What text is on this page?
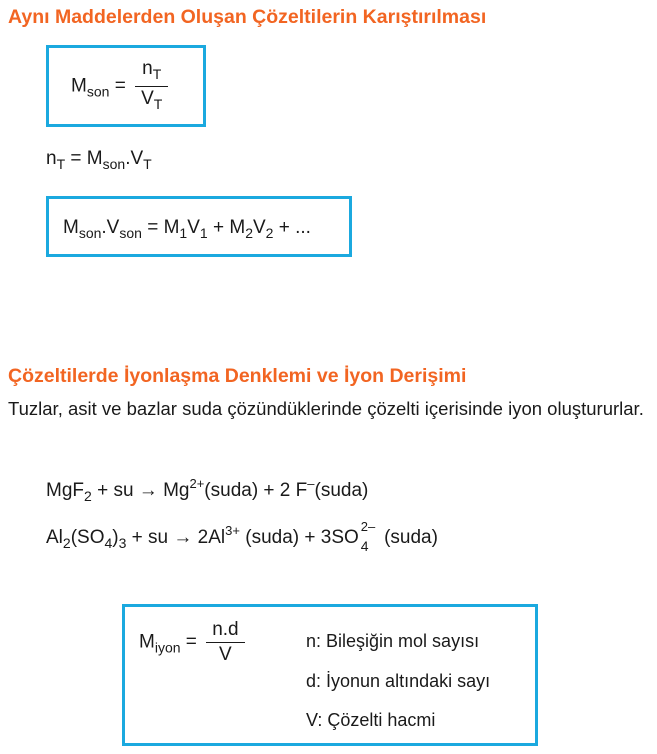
Aynı Maddelerden Oluşan Çözeltilerin Karıştırılması
$M_{son} = \frac{n_T}{V_T}$
$n_T = M_{son}.V_T$
$M_{son}.V_{son} = M_1V_1 + M_2V_2$ + ...
Çözeltilerde İyonlaşma Denklemi ve İyon Derişimi
Tuzlar, asit ve bazlar suda çözündüklerinde çözelti içerisinde iyon oluştururlar.
MgF$_2$ + su → $Mg^{2+}(suda) + 2$ F–(suda)
$Al_2(SO_4)_3$ + su → $2Al^{3+}$ (suda) + 3SO
2–
4 (suda)
$M_{iyon} = \frac{n.d}{V}$	n: Bileşiğin mol sayısı
d: İyonun altındaki sayı
V: Çözelti hacmi
